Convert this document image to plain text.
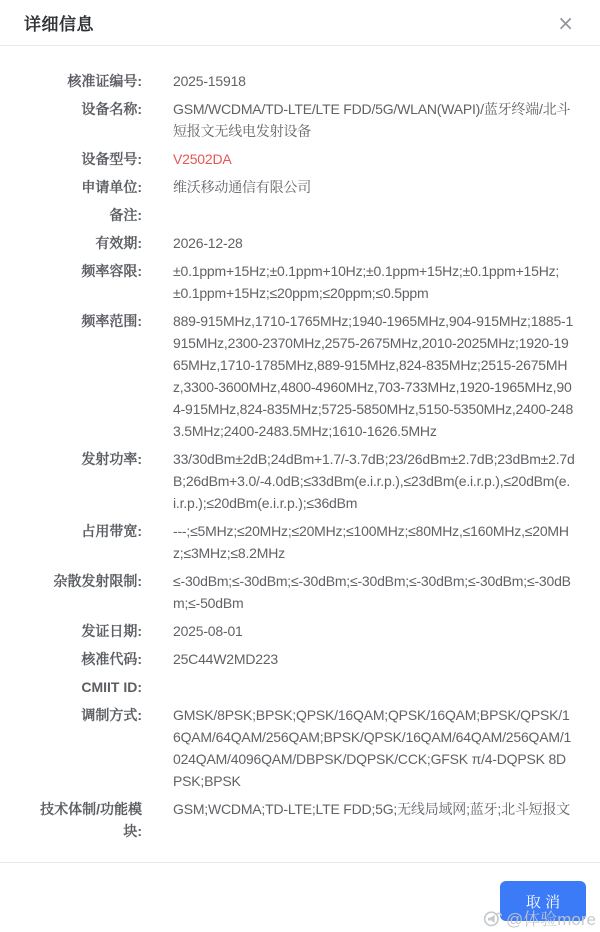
详细信息	×
核准证编号: 2025-15918
设备名称: GSM/WCDMA/TD-LTE/LTE FDD/5G/WLAN(WAPI)/蓝牙终端/北斗短报文无线电发射设备
设备型号: V2502DA
申请单位: 维沃移动通信有限公司
备注:
有效期: 2026-12-28
频率容限: ±0.1ppm+15Hz;±0.1ppm+10Hz;±0.1ppm+15Hz;±0.1ppm+15Hz;±0.1ppm+15Hz;≤20ppm;≤20ppm;≤0.5ppm
频率范围: 889-915MHz,1710-1765MHz;1940-1965MHz,904-915MHz;1885-1915MHz,2300-2370MHz,2575-2675MHz,2010-2025MHz;1920-1965MHz,1710-1785MHz,889-915MHz,824-835MHz;2515-2675MHz,3300-3600MHz,4800-4960MHz,703-733MHz,1920-1965MHz,904-915MHz,824-835MHz;5725-5850MHz,5150-5350MHz,2400-2483.5MHz;2400-2483.5MHz;1610-1626.5MHz
发射功率: 33/30dBm±2dB;24dBm+1.7/-3.7dB;23/26dBm±2.7dB;23dBm±2.7dB;26dBm+3.0/-4.0dB;≤33dBm(e.i.r.p.),≤23dBm(e.i.r.p.),≤20dBm(e.i.r.p.);≤20dBm(e.i.r.p.);≤36dBm
占用带宽: ---;≤5MHz;≤20MHz;≤20MHz;≤100MHz;≤80MHz,≤160MHz,≤20MHz;≤3MHz;≤8.2MHz
杂散发射限制: ≤-30dBm;≤-30dBm;≤-30dBm;≤-30dBm;≤-30dBm;≤-30dBm;≤-30dBm;≤-50dBm
发证日期: 2025-08-01
核准代码: 25C44W2MD223
CMIIT ID:
调制方式: GMSK/8PSK;BPSK;QPSK/16QAM;QPSK/16QAM;BPSK/QPSK/16QAM/64QAM/256QAM;BPSK/QPSK/16QAM/64QAM/256QAM/1024QAM/4096QAM/DBPSK/DQPSK/CCK;GFSK π/4-DQPSK 8DPSK;BPSK
技术体制/功能模块:
GSM;WCDMA;TD-LTE;LTE FDD;5G;无线局域网;蓝牙;北斗短报文
取 消
@体验more
